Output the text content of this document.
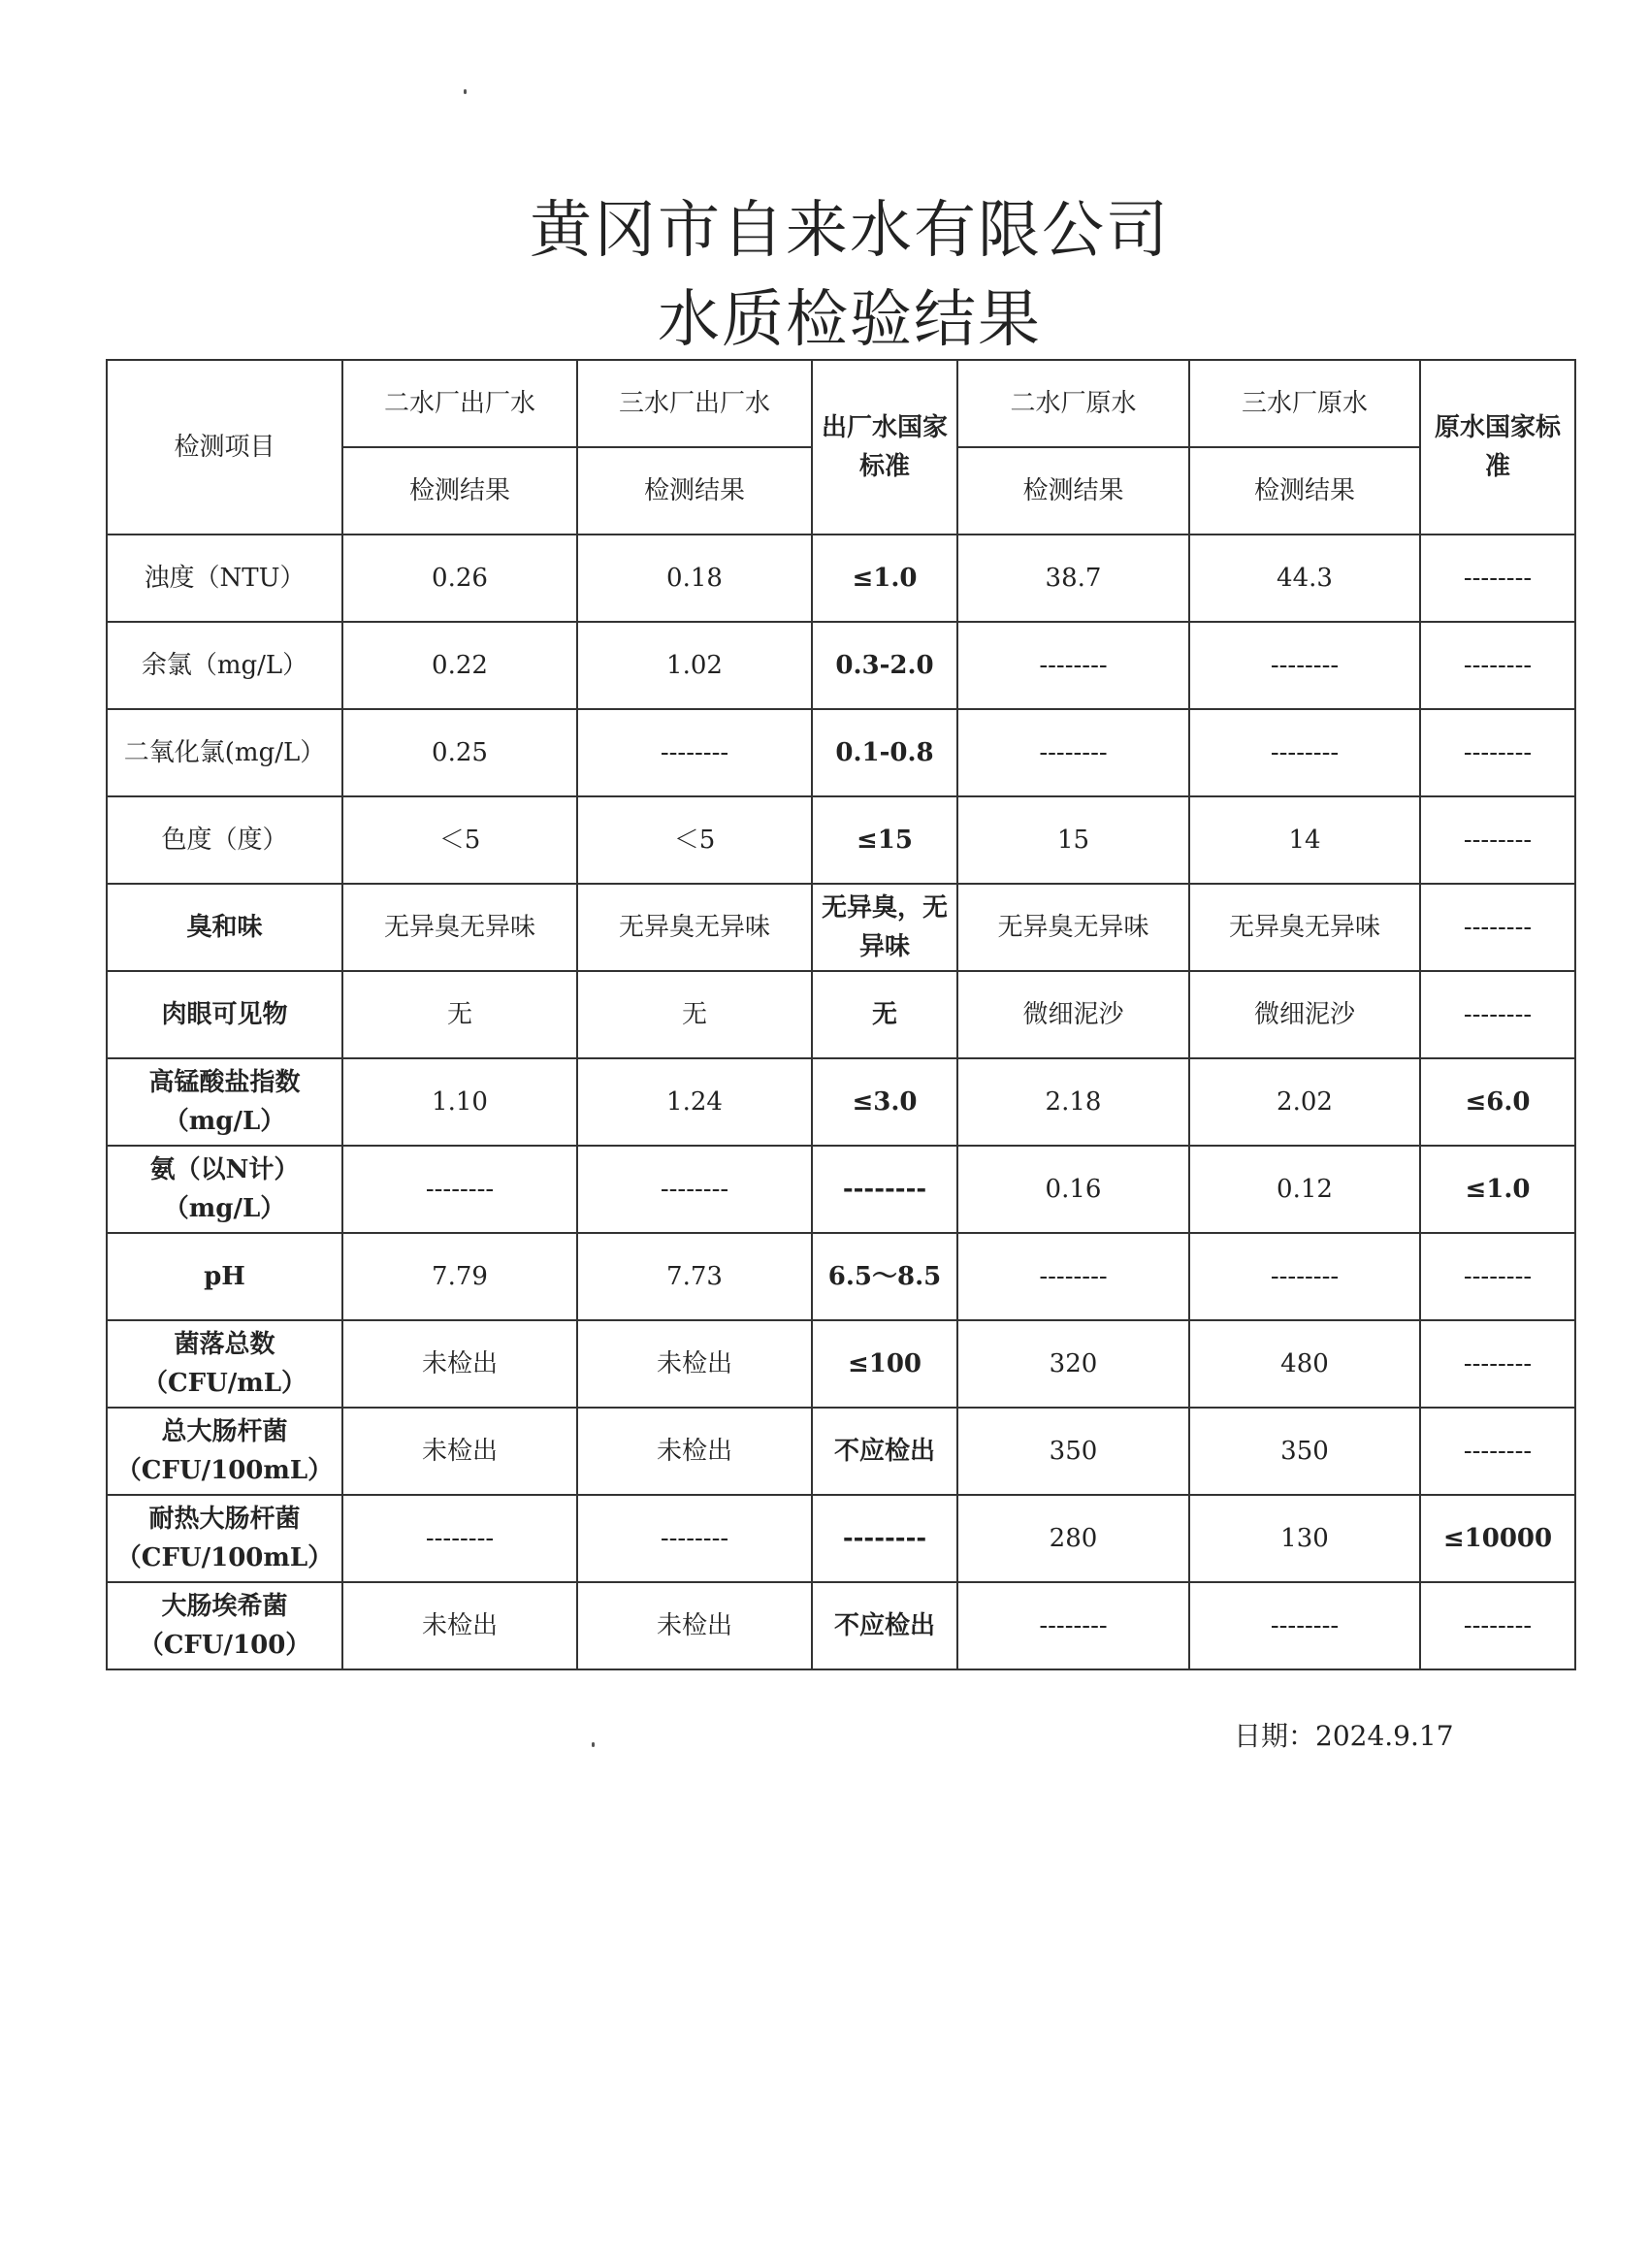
黄冈市自来水有限公司
水质检验结果
检测项目	二水厂出厂水	三水厂出厂水	出厂水国家标准	二水厂原水	三水厂原水	原水国家标准
	检测结果	检测结果		检测结果	检测结果	
浊度（NTU）	0.26	0.18	≤1.0	38.7	44.3	--------
余氯（mg/L）	0.22	1.02	0.3-2.0	--------	--------	--------
二氧化氯(mg/L）	0.25	--------	0.1-0.8	--------	--------	--------
色度（度）	＜5	＜5	≤15	15	14	--------
臭和味	无异臭无异味	无异臭无异味	无异臭，无异味	无异臭无异味	无异臭无异味	--------
肉眼可见物	无	无	无	微细泥沙	微细泥沙	--------
高锰酸盐指数（mg/L）	1.10	1.24	≤3.0	2.18	2.02	≤6.0
氨（以N计）（mg/L）	--------	--------	--------	0.16	0.12	≤1.0
pH	7.79	7.73	6.5～8.5	--------	--------	--------
菌落总数（CFU/mL）	未检出	未检出	≤100	320	480	--------
总大肠杆菌（CFU/100mL）	未检出	未检出	不应检出	350	350	--------
耐热大肠杆菌（CFU/100mL）	--------	--------	--------	280	130	≤10000
大肠埃希菌（CFU/100）	未检出	未检出	不应检出	--------	--------	--------
日期：2024.9.17
